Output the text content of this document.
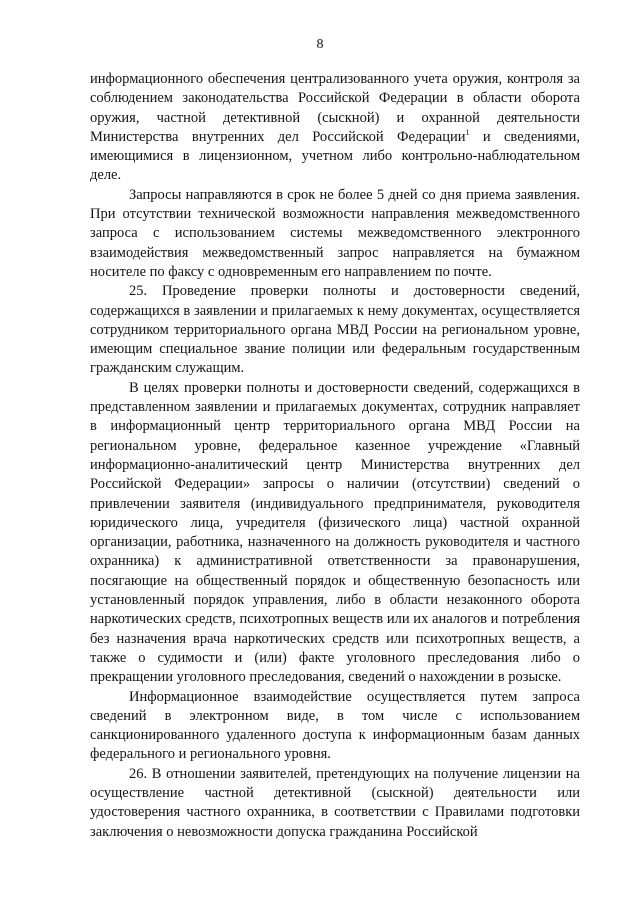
8

информационного обеспечения централизованного учета оружия, контроля за соблюдением законодательства Российской Федерации в области оборота оружия, частной детективной (сыскной) и охранной деятельности Министерства внутренних дел Российской Федерации$^1$ и сведениями, имеющимися в лицензионном, учетном либо контрольно-наблюдательном деле.

Запросы направляются в срок не более 5 дней со дня приема заявления. При отсутствии технической возможности направления межведомственного запроса с использованием системы межведомственного электронного взаимодействия межведомственный запрос направляется на бумажном носителе по факсу с одновременным его направлением по почте.

25. Проведение проверки полноты и достоверности сведений, содержащихся в заявлении и прилагаемых к нему документах, осуществляется сотрудником территориального органа МВД России на региональном уровне, имеющим специальное звание полиции или федеральным государственным гражданским служащим.

В целях проверки полноты и достоверности сведений, содержащихся в представленном заявлении и прилагаемых документах, сотрудник направляет в информационный центр территориального органа МВД России на региональном уровне, федеральное казенное учреждение «Главный информационно-аналитический центр Министерства внутренних дел Российской Федерации» запросы о наличии (отсутствии) сведений о привлечении заявителя (индивидуального предпринимателя, руководителя юридического лица, учредителя (физического лица) частной охранной организации, работника, назначенного на должность руководителя и частного охранника) к административной ответственности за правонарушения, посягающие на общественный порядок и общественную безопасность или установленный порядок управления, либо в области незаконного оборота наркотических средств, психотропных веществ или их аналогов и потребления без назначения врача наркотических средств или психотропных веществ, а также о судимости и (или) факте уголовного преследования либо о прекращении уголовного преследования, сведений о нахождении в розыске.

Информационное взаимодействие осуществляется путем запроса сведений в электронном виде, в том числе с использованием санкционированного удаленного доступа к информационным базам данных федерального и регионального уровня.

26. В отношении заявителей, претендующих на получение лицензии на осуществление частной детективной (сыскной) деятельности или удостоверения частного охранника, в соответствии с Правилами подготовки заключения о невозможности допуска гражданина Российской
